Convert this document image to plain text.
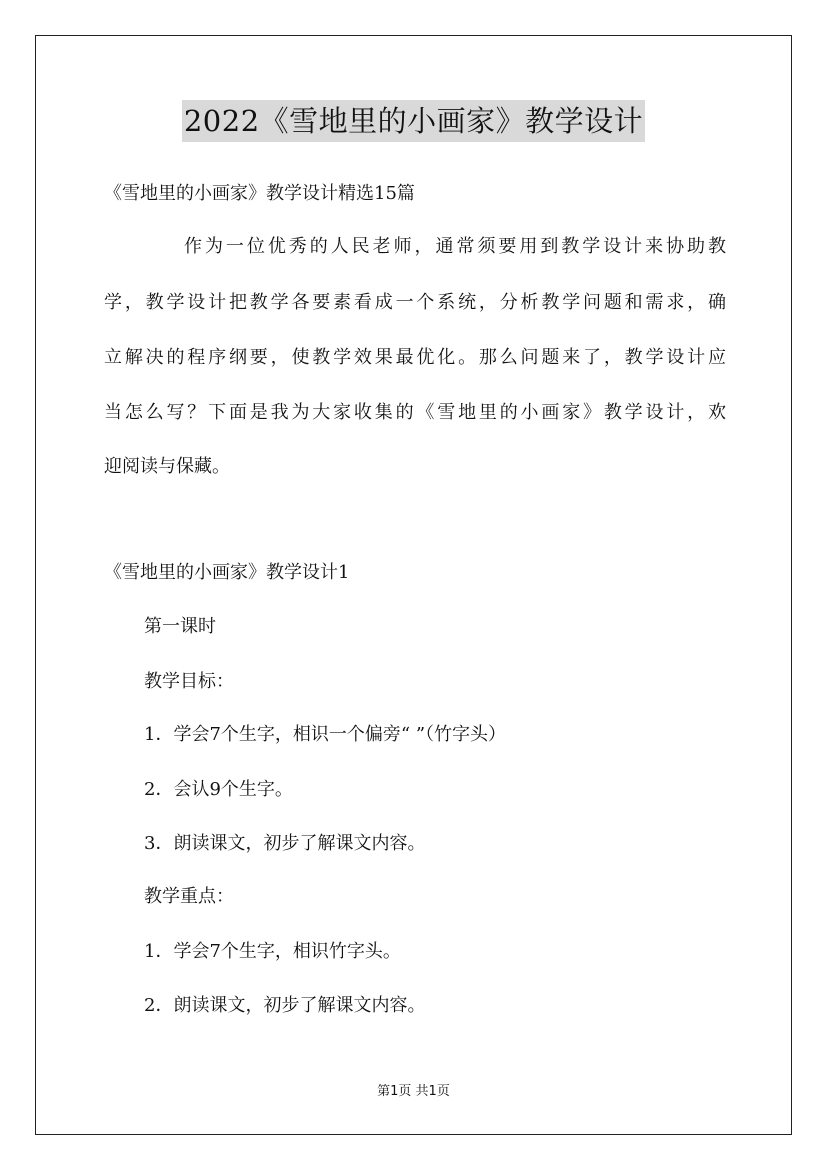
2022《雪地里的小画家》教学设计
《雪地里的小画家》教学设计精选15篇
作为一位优秀的人民老师，通常须要用到教学设计来协助教
学，教学设计把教学各要素看成一个系统，分析教学问题和需求，确
立解决的程序纲要，使教学效果最优化。那么问题来了，教学设计应
当怎么写？下面是我为大家收集的《雪地里的小画家》教学设计，欢
迎阅读与保藏。
《雪地里的小画家》教学设计1
第一课时
教学目标：
1．学会7个生字，相识一个偏旁“ ”（竹字头）
2．会认9个生字。
3．朗读课文，初步了解课文内容。
教学重点：
1．学会7个生字，相识竹字头。
2．朗读课文，初步了解课文内容。
第1页 共1页
